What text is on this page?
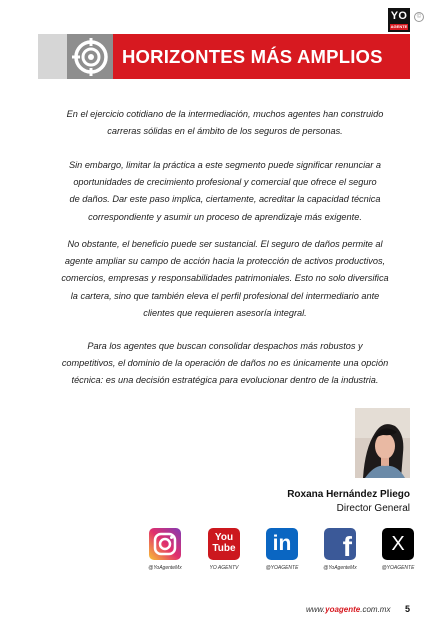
YO
AGENTE
©
HORIZONTES MÁS AMPLIOS

En el ejercicio cotidiano de la intermediación, muchos agentes han construido

carreras sólidas en el ámbito de los seguros de personas.

Sin embargo, limitar la práctica a este segmento puede significar renunciar a

oportunidades de crecimiento profesional y comercial que ofrece el seguro

de daños. Dar este paso implica, ciertamente, acreditar la capacidad técnica

correspondiente y asumir un proceso de aprendizaje más exigente.

No obstante, el beneficio puede ser sustancial. El seguro de daños permite al

agente ampliar su campo de acción hacia la protección de activos productivos,

comercios, empresas y responsabilidades patrimoniales. Esto no solo diversifica

la cartera, sino que también eleva el perfil profesional del intermediario ante

clientes que requieren asesoría integral.

Para los agentes que buscan consolidar despachos más robustos y

competitivos, el dominio de la operación de daños no es únicamente una opción

técnica: es una decisión estratégica para evolucionar dentro de la industria.

Roxana Hernández Pliego
Director General
@YoAgenteMx
You
Tube
YO AGENTV
in
@YOAGENTE
f
@YoAgenteMx
X
@YOAGENTE
www.yoagente.com.mx 5
